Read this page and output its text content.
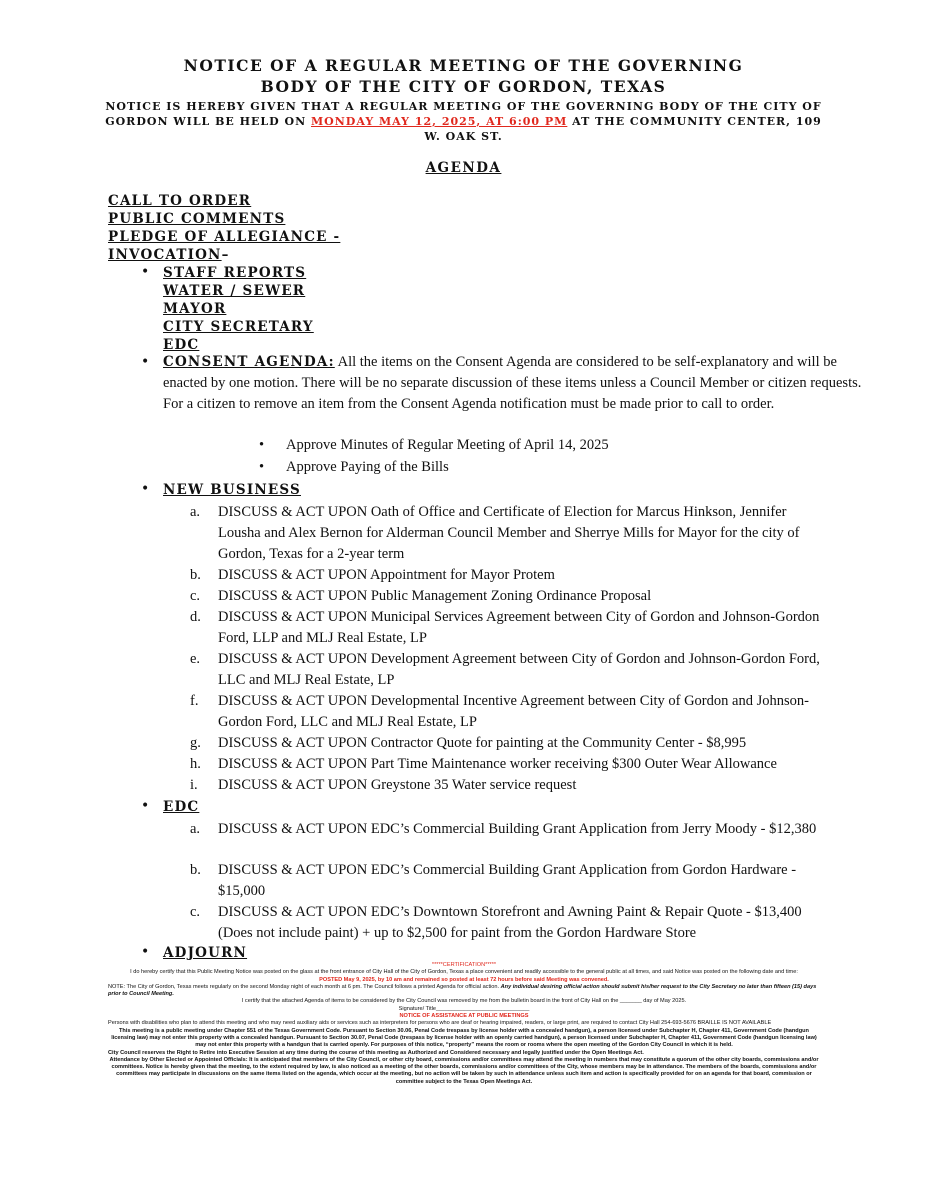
NOTICE OF A REGULAR MEETING OF THE GOVERNING
BODY OF THE CITY OF GORDON, TEXAS
NOTICE IS HEREBY GIVEN THAT A REGULAR MEETING OF THE GOVERNING BODY OF THE CITY OF GORDON WILL BE HELD ON MONDAY MAY 12, 2025, AT 6:00 PM AT THE COMMUNITY CENTER, 109 W. OAK ST.
AGENDA
CALL TO ORDER
PUBLIC COMMENTS
PLEDGE OF ALLEGIANCE -
INVOCATION–
• STAFF REPORTS
WATER / SEWER
MAYOR
CITY SECRETARY
EDC
• CONSENT AGENDA: All the items on the Consent Agenda are considered to be self-explanatory and will be enacted by one motion. There will be no separate discussion of these items unless a Council Member or citizen requests. For a citizen to remove an item from the Consent Agenda notification must be made prior to call to order.
• Approve Minutes of Regular Meeting of April 14, 2025
• Approve Paying of the Bills
• NEW BUSINESS
a. DISCUSS & ACT UPON Oath of Office and Certificate of Election for Marcus Hinkson, Jennifer Lousha and Alex Bernon for Alderman Council Member and Sherrye Mills for Mayor for the city of Gordon, Texas for a 2-year term
b. DISCUSS & ACT UPON Appointment for Mayor Protem
c. DISCUSS & ACT UPON Public Management Zoning Ordinance Proposal
d. DISCUSS & ACT UPON Municipal Services Agreement between City of Gordon and Johnson-Gordon Ford, LLP and MLJ Real Estate, LP
e. DISCUSS & ACT UPON Development Agreement between City of Gordon and Johnson-Gordon Ford, LLC and MLJ Real Estate, LP
f. DISCUSS & ACT UPON Developmental Incentive Agreement between City of Gordon and Johnson-Gordon Ford, LLC and MLJ Real Estate, LP
g. DISCUSS & ACT UPON Contractor Quote for painting at the Community Center - $8,995
h. DISCUSS & ACT UPON Part Time Maintenance worker receiving $300 Outer Wear Allowance
i. DISCUSS & ACT UPON Greystone 35 Water service request
• EDC
a. DISCUSS & ACT UPON EDC’s Commercial Building Grant Application from Jerry Moody - $12,380
b. DISCUSS & ACT UPON EDC’s Commercial Building Grant Application from Gordon Hardware - $15,000
c. DISCUSS & ACT UPON EDC’s Downtown Storefront and Awning Paint & Repair Quote - $13,400 (Does not include paint) + up to $2,500 for paint from the Gordon Hardware Store
• ADJOURN
*****CERTIFICATION*****
I do hereby certify that this Public Meeting Notice was posted on the glass at the front entrance of City Hall of the City of Gordon, Texas a place convenient and readily accessible to the general public at all times, and said Notice was posted on the following date and time:
POSTED May 9, 2025, by 10 am and remained so posted at least 72 hours before said Meeting was convened.
NOTE: The City of Gordon, Texas meets regularly on the second Monday night of each month at 6 pm. The Council follows a printed Agenda for official action. Any individual desiring official action should submit his/her request to the City Secretary no later than fifteen (15) days prior to Council Meeting.
I certify that the attached Agenda of items to be considered by the City Council was removed by me from the bulletin board in the front of City Hall on the _______ day of May 2025.
Signature/ Title______________________________
NOTICE OF ASSISTANCE AT PUBLIC MEETINGS
Persons with disabilities who plan to attend this meeting and who may need auxiliary aids or services such as interpreters for persons who are deaf or hearing impaired, readers, or large print, are required to contact City Hall 254-693-5676 BRAILLE IS NOT AVAILABLE
This meeting is a public meeting under Chapter 551 of the Texas Government Code. Pursuant to Section 30.06, Penal Code trespass by license holder with a concealed handgun), a person licensed under Subchapter H, Chapter 411, Government Code (handgun licensing law) may not enter this property with a concealed handgun. Pursuant to Section 30.07, Penal Code (trespass by license holder with an openly carried handgun), a person licensed under Subchapter H, Chapter 411, Government Code (handgun licensing law) may not enter this property with a handgun that is carried openly. For purposes of this notice, “property” means the room or rooms where the open meeting of the Gordon City Council in which it is held.
City Council reserves the Right to Retire into Executive Session at any time during the course of this meeting as Authorized and Considered necessary and legally justified under the Open Meetings Act.
Attendance by Other Elected or Appointed Officials: It is anticipated that members of the City Council, or other city board, commissions and/or committees may attend the meeting in numbers that may constitute a quorum of the other city boards, commissions and/or committees. Notice is hereby given that the meeting, to the extent required by law, is also noticed as a meeting of the other boards, commissions and/or committees of the City, whose members may be in attendance. The members of the boards, commissions and/or committees may participate in discussions on the same items listed on the agenda, which occur at the meeting, but no action will be taken by such in attendance unless such item and action is specifically provided for on an agenda for that board, commission or committee subject to the Texas Open Meetings Act.
